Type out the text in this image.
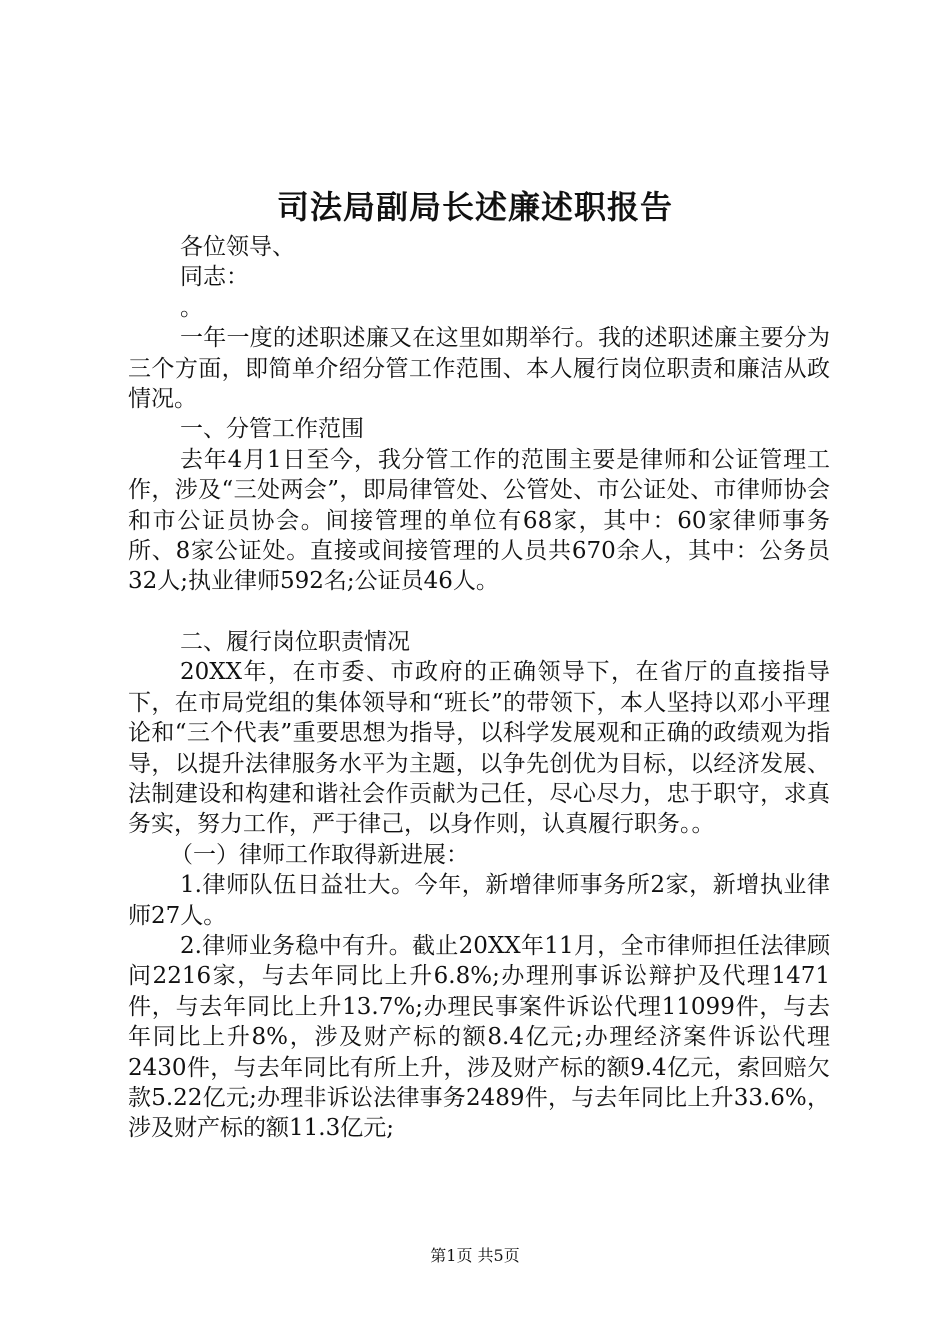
司法局副局长述廉述职报告

各位领导、

同志：

。

一年一度的述职述廉又在这里如期举行。我的述职述廉主要分为三个方面，即简单介绍分管工作范围、本人履行岗位职责和廉洁从政情况。

一、分管工作范围

去年4月1日至今，我分管工作的范围主要是律师和公证管理工作，涉及“三处两会”，即局律管处、公管处、市公证处、市律师协会和市公证员协会。间接管理的单位有68家，其中：60家律师事务所、8家公证处。直接或间接管理的人员共670余人，其中：公务员32人;执业律师592名;公证员46人。

二、履行岗位职责情况

20XX年，在市委、市政府的正确领导下，在省厅的直接指导下，在市局党组的集体领导和“班长”的带领下，本人坚持以邓小平理论和“三个代表”重要思想为指导，以科学发展观和正确的政绩观为指导，以提升法律服务水平为主题，以争先创优为目标，以经济发展、法制建设和构建和谐社会作贡献为己任，尽心尽力，忠于职守，求真务实，努力工作，严于律己，以身作则，认真履行职务。。

（一）律师工作取得新进展：

1.律师队伍日益壮大。今年，新增律师事务所2家，新增执业律师27人。

2.律师业务稳中有升。截止20XX年11月，全市律师担任法律顾问2216家，与去年同比上升6.8%;办理刑事诉讼辩护及代理1471件，与去年同比上升13.7%;办理民事案件诉讼代理11099件，与去年同比上升8%，涉及财产标的额8.4亿元;办理经济案件诉讼代理2430件，与去年同比有所上升，涉及财产标的额9.4亿元，索回赔欠款5.22亿元;办理非诉讼法律事务2489件，与去年同比上升33.6%，涉及财产标的额11.3亿元;

第1页 共5页
